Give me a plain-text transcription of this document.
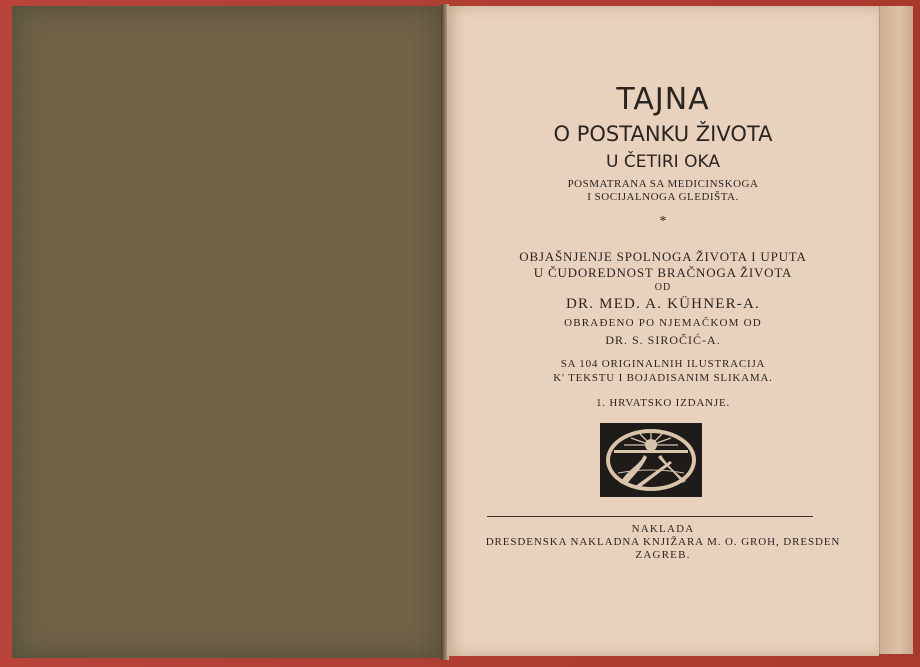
TAJNA
O POSTANKU ŽIVOTA
U ČETIRI OKA
POSMATRANA SA MEDICINSKOGA
I SOCIJALNOGA GLEDIŠTA.
*
OBJAŠNJENJE SPOLNOGA ŽIVOTA I UPUTA
U ČUDOREDNOST BRAČNOGA ŽIVOTA
OD
DR. MED. A. KÜHNER-A.
OBRAĐENO PO NJEMAČKOM OD
DR. S. SIROČIĆ-A.
SA 104 ORIGINALNIH ILUSTRACIJA
K' TEKSTU I BOJADISANIM SLIKAMA.
1. HRVATSKO IZDANJE.
NAKLADA
DRESDENSKA NAKLADNA KNJIŽARA M. O. GROH, DRESDEN
ZAGREB.
